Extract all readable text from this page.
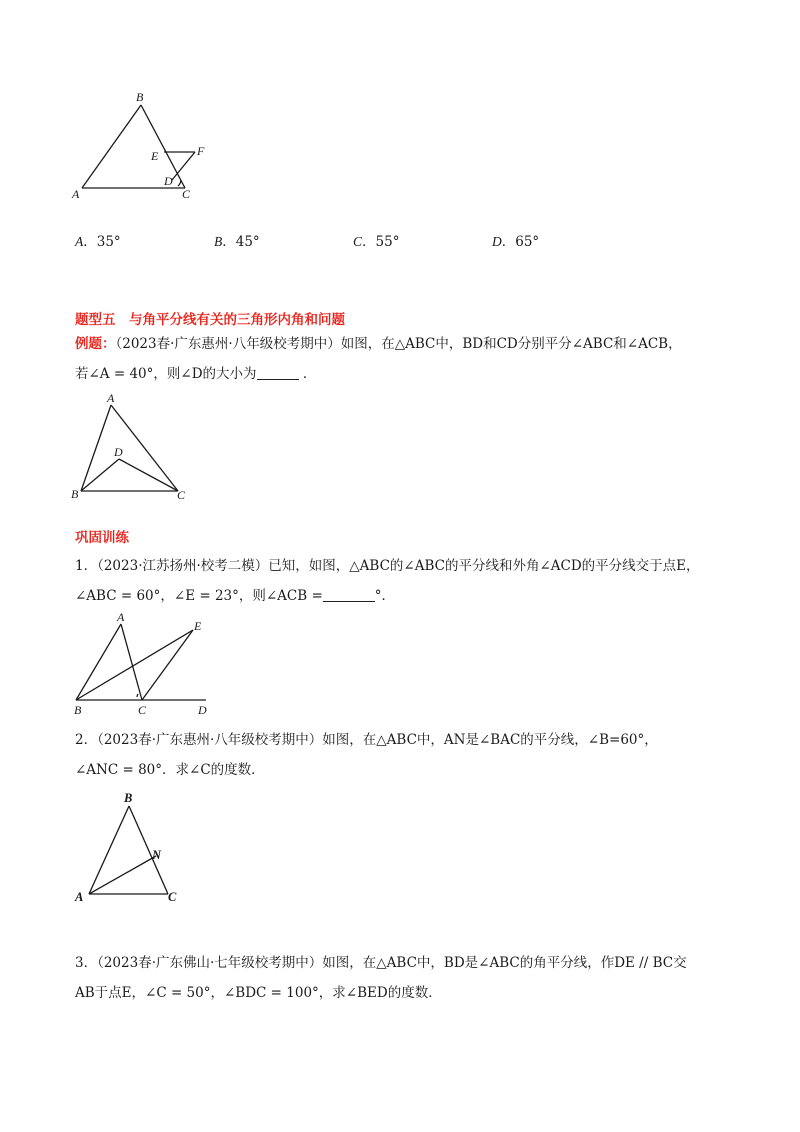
B
E	F
D
A	C
A．35°	B．45°	C．55°	D．65°
题型五　与角平分线有关的三角形内角和问题
例题：（2023春·广东惠州·八年级校考期中）如图，在△ABC中，BD和CD分别平分∠ABC和∠ACB，
若∠A = 40°，则∠D的大小为	．
A
D
B	C
巩固训练
1．（2023·江苏扬州·校考二模）已知，如图，△ABC的∠ABC的平分线和外角∠ACD的平分线交于点E，
∠ABC = 60°，∠E = 23°，则∠ACB =	°．
A
E
B	C	D
2．（2023春·广东惠州·八年级校考期中）如图，在△ABC中，AN是∠BAC的平分线，∠B=60°，
∠ANC = 80°．求∠C的度数．
B
N
A	C
3．（2023春·广东佛山·七年级校考期中）如图，在△ABC中，BD是∠ABC的角平分线，作DE // BC交
AB于点E，∠C = 50°，∠BDC = 100°，求∠BED的度数．
